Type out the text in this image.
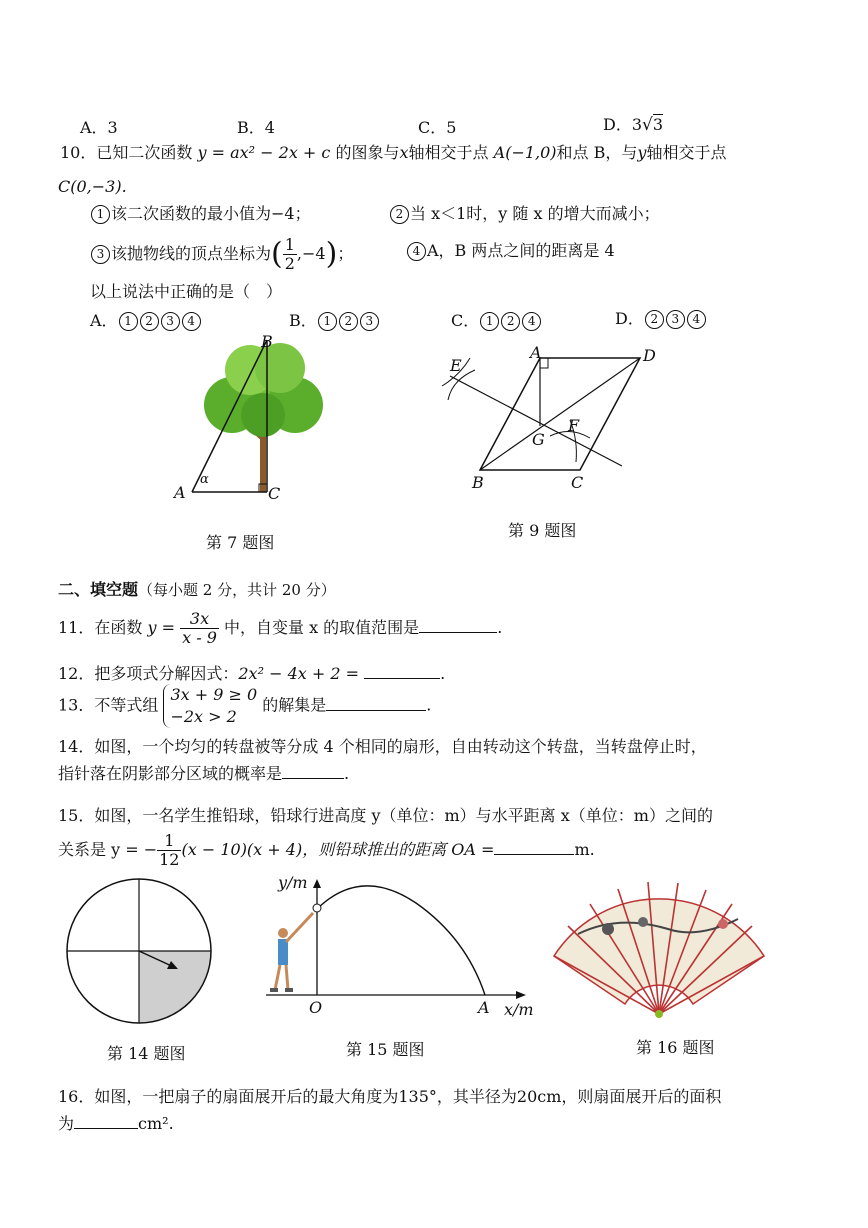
A．3	B．4	C．5	D．3√3
10．已知二次函数 y = ax² − 2x + c 的图象与x轴相交于点 A(−1,0)和点 B，与y轴相交于点
C(0,−3).
1 该二次函数的最小值为−4；	2 当 x＜1时，y 随 x 的增大而减小；
3 该抛物线的顶点坐标为( $\frac{1}{2} ,-4$)；	4 A，B 两点之间的距离是 4
以上说法中正确的是（　）
A． 1 2 3 4	B． 1 2 3	C． 1 2 4	D． 2 3 4
B
A
α
C
第 7 题图
A	D
E
F
G
B	C
第 9 题图
二、填空题（每小题 2 分，共计 20 分）
11．在函数 $y = \frac{3x}{x - 9}$ 中，自变量 x 的取值范围是	.
12．把多项式分解因式：2x² − 4x + 2 =	.
13．不等式组
3x + 9 ≥ 0
−2x > 2
的解集是	.
14．如图，一个均匀的转盘被等分成 4 个相同的扇形，自由转动这个转盘，当转盘停止时，
指针落在阴影部分区域的概率是	.
15．如图，一名学生推铅球，铅球行进高度 y（单位：m）与水平距离 x（单位：m）之间的
关系是 y = − $\frac{1}{12} (x - 10)(x + 4)$，则铅球推出的距离 OA =	m.
第 14 题图
y/m
O	A x/m
第 15 题图	第 16 题图
16．如图，一把扇子的扇面展开后的最大角度为135°，其半径为20cm，则扇面展开后的面积
为	cm².
